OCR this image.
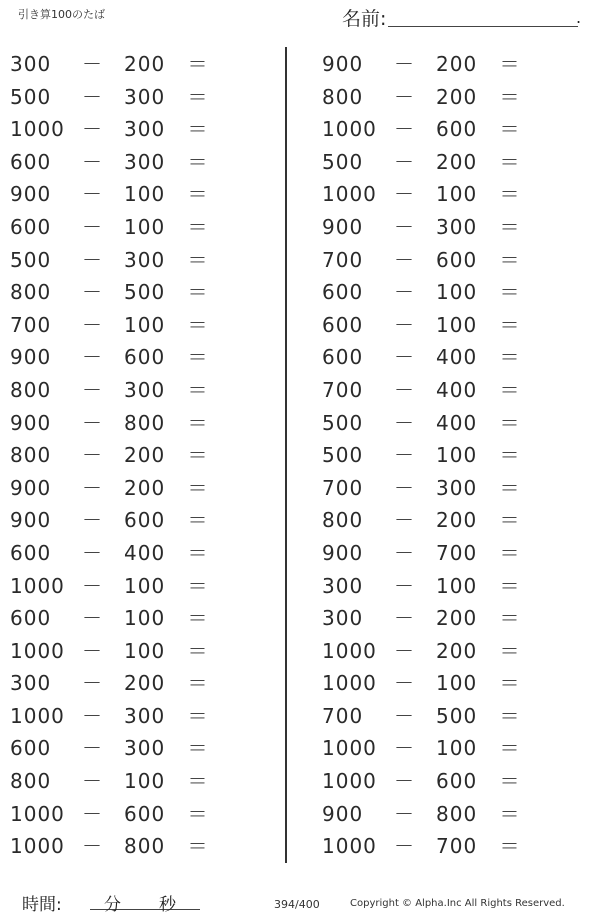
引き算100のたば	名前:	.
300	－ 200	＝
500	－ 300	＝
1000 － 300	＝
600	－ 300	＝
900	－ 100	＝
600	－ 100	＝
500	－ 300	＝
800	－ 500	＝
700	－ 100	＝
900	－ 600	＝
800	－ 300	＝
900	－ 800	＝
800	－ 200	＝
900	－ 200	＝
900	－ 600	＝
600	－ 400	＝
1000 － 100	＝
600	－ 100	＝
1000 － 100	＝
300	－ 200	＝
1000 － 300	＝
600	－ 300	＝
800	－ 100	＝
1000 － 600	＝
1000 － 800	＝
900	－ 200	＝
800	－ 200	＝
1000 － 600	＝
500	－ 200	＝
1000 － 100	＝
900	－ 300	＝
700	－ 600	＝
600	－ 100	＝
600	－ 100	＝
600	－ 400	＝
700	－ 400	＝
500	－ 400	＝
500	－ 100	＝
700	－ 300	＝
800	－ 200	＝
900	－ 700	＝
300	－ 100	＝
300	－ 200	＝
1000 － 200	＝
1000 － 100	＝
700	－ 500	＝
1000 － 100	＝
1000 － 600	＝
900	－ 800	＝
1000 － 700	＝
時間: 分 秒	394/400	Copyright © Alpha.Inc All Rights Reserved.
